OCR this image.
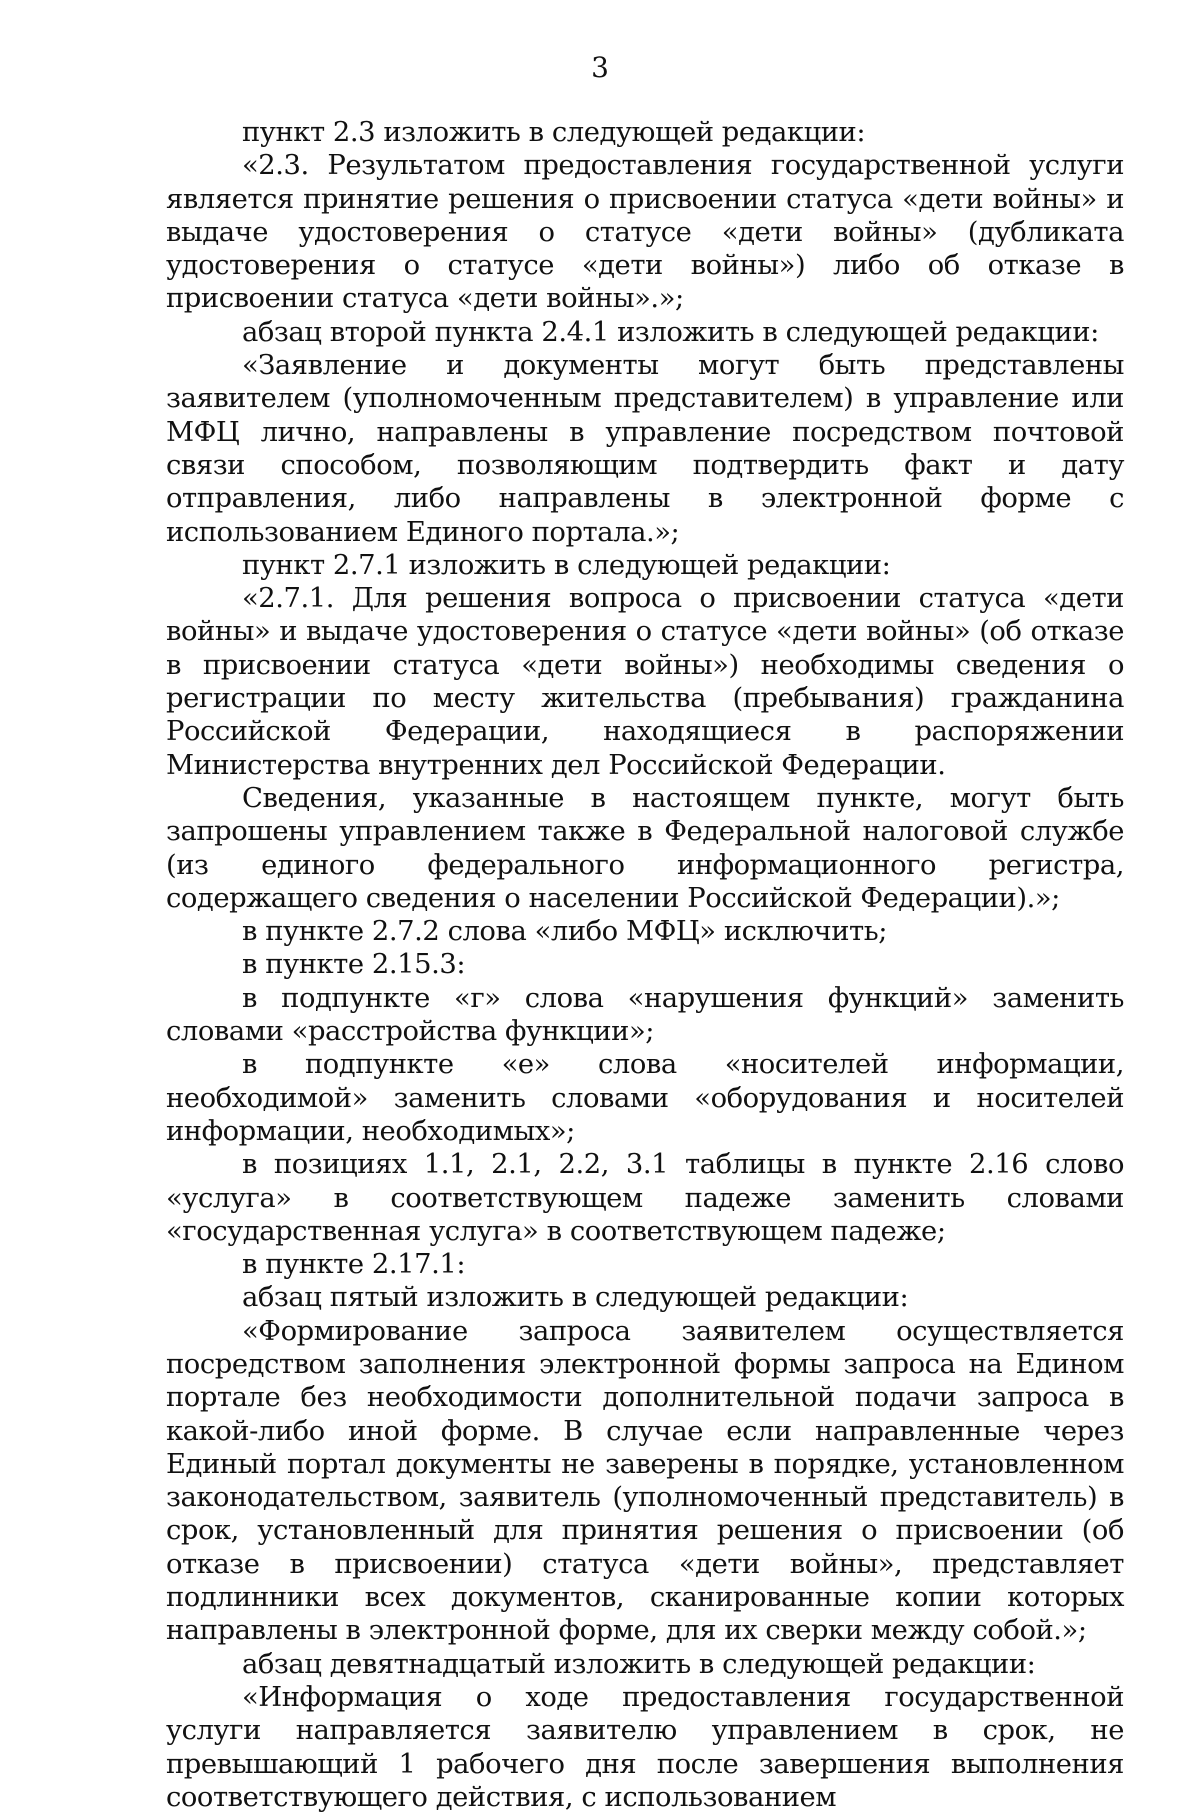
3

пункт 2.3 изложить в следующей редакции:

«2.3. Результатом предоставления государственной услуги является принятие решения о присвоении статуса «дети войны» и выдаче удостоверения о статусе «дети войны» (дубликата удостоверения о статусе «дети войны») либо об отказе в присвоении статуса «дети войны».»;

абзац второй пункта 2.4.1 изложить в следующей редакции:

«Заявление и документы могут быть представлены заявителем (уполномоченным представителем) в управление или МФЦ лично, направлены в управление посредством почтовой связи способом, позволяющим подтвердить факт и дату отправления, либо направлены в электронной форме с использованием Единого портала.»;

пункт 2.7.1 изложить в следующей редакции:

«2.7.1. Для решения вопроса о присвоении статуса «дети войны» и выдаче удостоверения о статусе «дети войны» (об отказе в присвоении статуса «дети войны») необходимы сведения о регистрации по месту жительства (пребывания) гражданина Российской Федерации, находящиеся в распоряжении Министерства внутренних дел Российской Федерации.

Сведения, указанные в настоящем пункте, могут быть запрошены управлением также в Федеральной налоговой службе (из единого федерального информационного регистра, содержащего сведения о населении Российской Федерации).»;

в пункте 2.7.2 слова «либо МФЦ» исключить;

в пункте 2.15.3:

в подпункте «г» слова «нарушения функций» заменить словами «расстройства функции»;

в подпункте «е» слова «носителей информации, необходимой» заменить словами «оборудования и носителей информации, необходимых»;

в позициях 1.1, 2.1, 2.2, 3.1 таблицы в пункте 2.16 слово «услуга» в соответствующем падеже заменить словами «государственная услуга» в соответствующем падеже;

в пункте 2.17.1:

абзац пятый изложить в следующей редакции:

«Формирование запроса заявителем осуществляется посредством заполнения электронной формы запроса на Едином портале без необходимости дополнительной подачи запроса в какой-либо иной форме. В случае если направленные через Единый портал документы не заверены в порядке, установленном законодательством, заявитель (уполномоченный представитель) в срок, установленный для принятия решения о присвоении (об отказе в присвоении) статуса «дети войны», представляет подлинники всех документов, сканированные копии которых направлены в электронной форме, для их сверки между собой.»;

абзац девятнадцатый изложить в следующей редакции:

«Информация о ходе предоставления государственной услуги направляется заявителю управлением в срок, не превышающий 1 рабочего дня после завершения выполнения соответствующего действия, с использованием
